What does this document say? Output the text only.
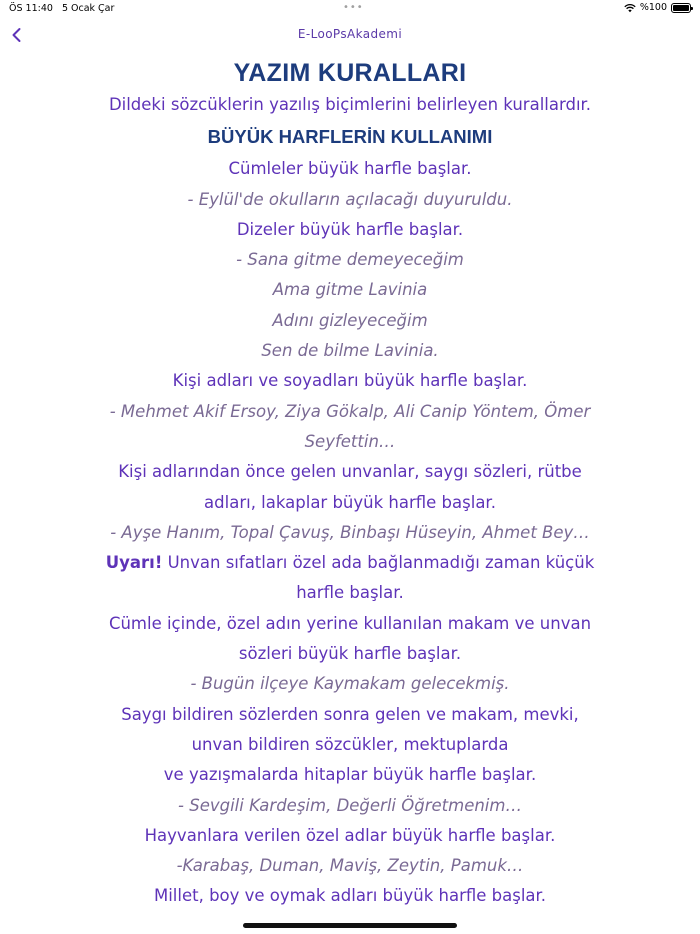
ÖS 11:40 5 Ocak Çar	•••	%100
E-LooPsAkademi
YAZIM KURALLARI
Dildeki sözcüklerin yazılış biçimlerini belirleyen kurallardır.
BÜYÜK HARFLERİN KULLANIMI
Cümleler büyük harfle başlar.
- Eylül'de okulların açılacağı duyuruldu.
Dizeler büyük harfle başlar.
- Sana gitme demeyeceğim
Ama gitme Lavinia
Adını gizleyeceğim
Sen de bilme Lavinia.
Kişi adları ve soyadları büyük harfle başlar.
- Mehmet Akif Ersoy, Ziya Gökalp, Ali Canip Yöntem, Ömer Seyfettin…
Kişi adlarından önce gelen unvanlar, saygı sözleri, rütbe adları, lakaplar büyük harfle başlar.
- Ayşe Hanım, Topal Çavuş, Binbaşı Hüseyin, Ahmet Bey…
Uyarı! Unvan sıfatları özel ada bağlanmadığı zaman küçük harfle başlar.
Cümle içinde, özel adın yerine kullanılan makam ve unvan sözleri büyük harfle başlar.
- Bugün ilçeye Kaymakam gelecekmiş.
Saygı bildiren sözlerden sonra gelen ve makam, mevki,
unvan bildiren sözcükler, mektuplarda
ve yazışmalarda hitaplar büyük harfle başlar.
- Sevgili Kardeşim, Değerli Öğretmenim…
Hayvanlara verilen özel adlar büyük harfle başlar.
-Karabaş, Duman, Maviş, Zeytin, Pamuk…
Millet, boy ve oymak adları büyük harfle başlar.
